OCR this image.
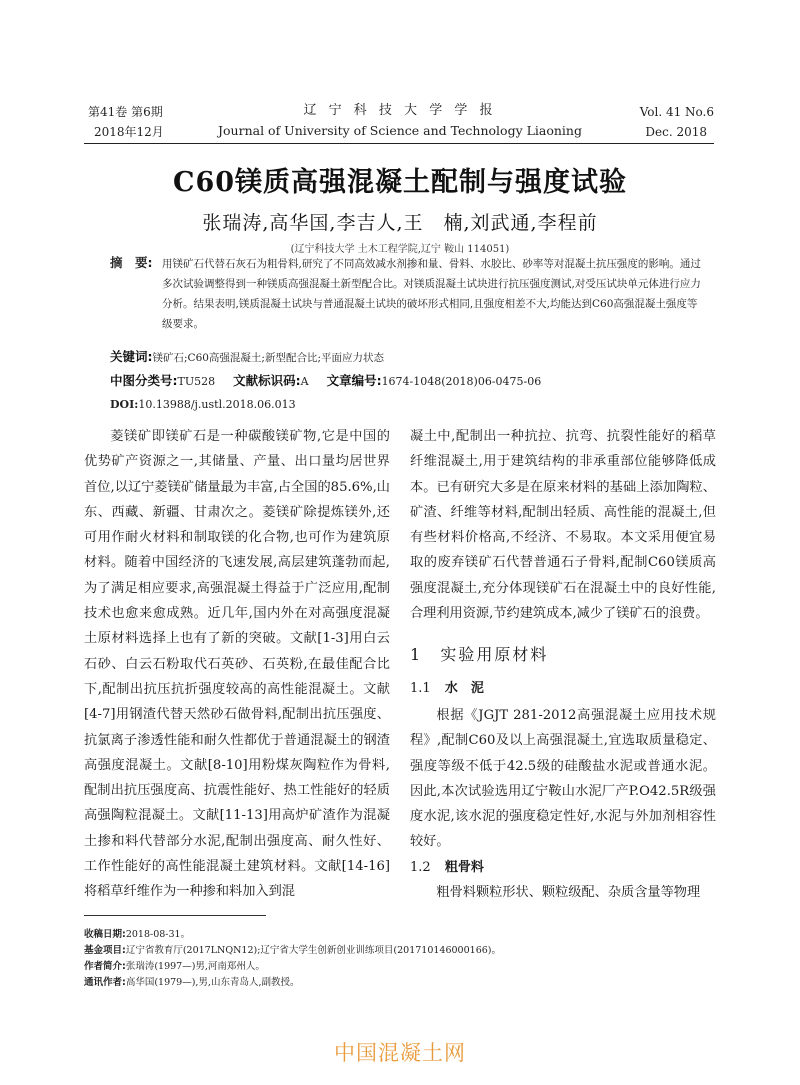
第41卷 第6期
2018年12月
辽 宁 科 技 大 学 学 报
Journal of University of Science and Technology Liaoning
Vol. 41 No.6
Dec. 2018
C60镁质高强混凝土配制与强度试验
张瑞涛,高华国,李吉人,王　楠,刘武通,李程前
(辽宁科技大学 土木工程学院,辽宁 鞍山 114051)
摘　要: 用镁矿石代替石灰石为粗骨料,研究了不同高效减水剂掺和量、骨料、水胶比、砂率等对混凝土抗压强度的影响。通过多次试验调整得到一种镁质高强混凝土新型配合比。对镁质混凝土试块进行抗压强度测试,对受压试块单元体进行应力分析。结果表明,镁质混凝土试块与普通混凝土试块的破坏形式相同,且强度相差不大,均能达到C60高强混凝土强度等级要求。
关键词:镁矿石;C60高强混凝土;新型配合比;平面应力状态
中图分类号:TU528 文献标识码:A 文章编号:1674-1048(2018)06-0475-06
DOI:10.13988/j.ustl.2018.06.013

菱镁矿即镁矿石是一种碳酸镁矿物,它是中国的优势矿产资源之一,其储量、产量、出口量均居世界首位,以辽宁菱镁矿储量最为丰富,占全国的85.6%,山东、西藏、新疆、甘肃次之。菱镁矿除提炼镁外,还可用作耐火材料和制取镁的化合物,也可作为建筑原材料。随着中国经济的飞速发展,高层建筑蓬勃而起,为了满足相应要求,高强混凝土得益于广泛应用,配制技术也愈来愈成熟。近几年,国内外在对高强度混凝土原材料选择上也有了新的突破。文献[1-3]用白云石砂、白云石粉取代石英砂、石英粉,在最佳配合比下,配制出抗压抗折强度较高的高性能混凝土。文献[4-7]用钢渣代替天然砂石做骨料,配制出抗压强度、抗氯离子渗透性能和耐久性都优于普通混凝土的钢渣高强度混凝土。文献[8-10]用粉煤灰陶粒作为骨料,配制出抗压强度高、抗震性能好、热工性能好的轻质高强陶粒混凝土。文献[11-13]用高炉矿渣作为混凝土掺和料代替部分水泥,配制出强度高、耐久性好、工作性能好的高性能混凝土建筑材料。文献[14-16]将稻草纤维作为一种掺和料加入到混

凝土中,配制出一种抗拉、抗弯、抗裂性能好的稻草纤维混凝土,用于建筑结构的非承重部位能够降低成本。已有研究大多是在原来材料的基础上添加陶粒、矿渣、纤维等材料,配制出轻质、高性能的混凝土,但有些材料价格高,不经济、不易取。本文采用便宜易取的废弃镁矿石代替普通石子骨料,配制C60镁质高强度混凝土,充分体现镁矿石在混凝土中的良好性能,合理利用资源,节约建筑成本,减少了镁矿石的浪费。

1 实验用原材料
1.1 水　泥

根据《JGJT 281-2012高强混凝土应用技术规程》,配制C60及以上高强混凝土,宜选取质量稳定、强度等级不低于42.5级的硅酸盐水泥或普通水泥。因此,本次试验选用辽宁鞍山水泥厂产P.O42.5R级强度水泥,该水泥的强度稳定性好,水泥与外加剂相容性较好。

1.2 粗骨料

粗骨料颗粒形状、颗粒级配、杂质含量等物理

收稿日期:2018-08-31。
基金项目:辽宁省教育厅(2017LNQN12);辽宁省大学生创新创业训练项目(201710146000166)。
作者简介:张瑞涛(1997—)男,河南郑州人。
通讯作者:高华国(1979—),男,山东青岛人,副教授。
中国混凝土网
